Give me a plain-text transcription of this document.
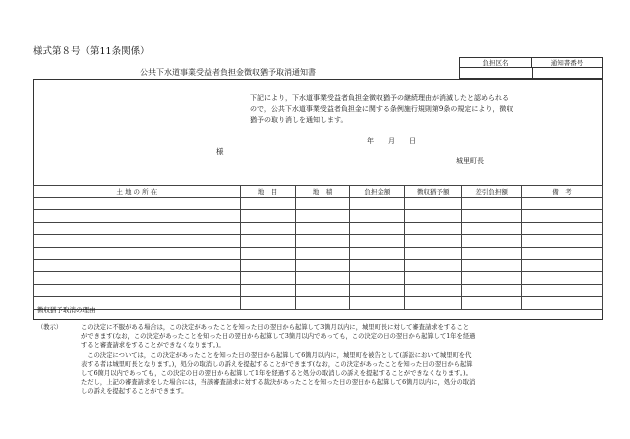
様式第８号（第11条関係）
負担区名	通知書番号
公共下水道事業受益者負担金徴収猶予取消通知書

下記により，下水道事業受益者負担金徴収猶予の継続理由が消滅したと認められる

ので，公共下水道事業受益者負担金に関する条例施行規則第9条の規定により，徴収

猶予の取り消しを通知します。

年　　月　　日
様
城里町長
土 地 の 所 在	地　目	地　積	負担金額	徴収猶予額	差引負担額	備　考

徴収猶予取消の理由
（教示）	この決定に不服がある場合は，この決定があったことを知った日の翌日から起算して3箇月以内に，城里町長に対して審査請求をすること

ができます(なお，この決定があったことを知った日の翌日から起算して3箇月以内であっても，この決定の日の翌日から起算して1年を経過

すると審査請求をすることができなくなります。)。

　この決定については，この決定があったことを知った日の翌日から起算して6箇月以内に，城里町を被告として(訴訟において城里町を代

表する者は城里町長となります。)，処分の取消しの訴えを提起することができます(なお，この決定があったことを知った日の翌日から起算

して6箇月以内であっても，この決定の日の翌日から起算して1年を経過すると処分の取消しの訴えを提起することができなくなります。)。

ただし，上記の審査請求をした場合には，当該審査請求に対する裁決があったことを知った日の翌日から起算して6箇月以内に，処分の取消

しの訴えを提起することができます。
